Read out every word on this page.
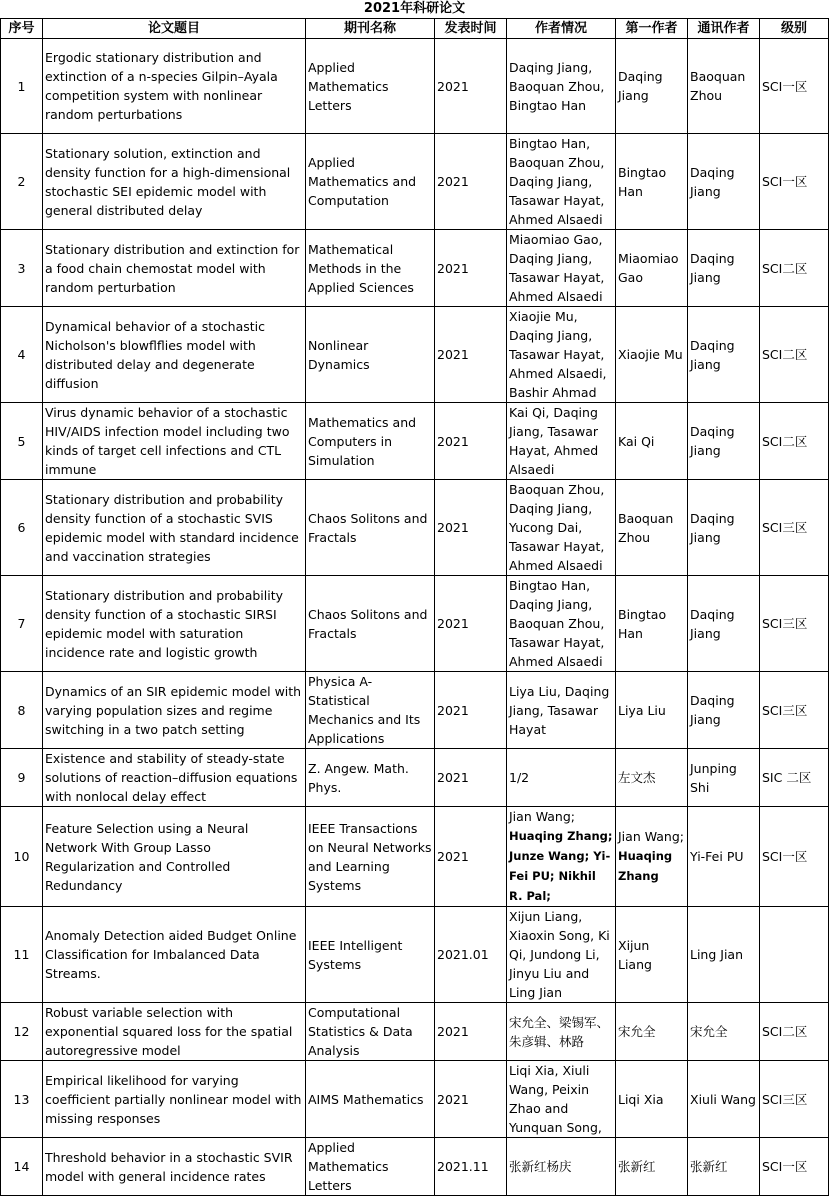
2021年科研论文
序号	论文题目	期刊名称	发表时间	作者情况	第一作者	通讯作者	级别
1	Ergodic stationary distribution and extinction of a n-species Gilpin–Ayala competition system with nonlinear random perturbations	Applied Mathematics Letters	2021	Daqing Jiang, Baoquan Zhou, Bingtao Han	Daqing Jiang	Baoquan Zhou	SCI一区
2	Stationary solution, extinction and density function for a high-dimensional stochastic SEI epidemic model with general distributed delay	Applied Mathematics and Computation	2021	Bingtao Han, Baoquan Zhou, Daqing Jiang, Tasawar Hayat, Ahmed Alsaedi	Bingtao Han	Daqing Jiang	SCI一区
3	Stationary distribution and extinction for a food chain chemostat model with random perturbation	Mathematical Methods in the Applied Sciences	2021	Miaomiao Gao, Daqing Jiang, Tasawar Hayat, Ahmed Alsaedi	Miaomiao Gao	Daqing Jiang	SCI二区
4	Dynamical behavior of a stochastic Nicholson's blowflflies model with distributed delay and degenerate diffusion	Nonlinear Dynamics	2021	Xiaojie Mu, Daqing Jiang, Tasawar Hayat, Ahmed Alsaedi, Bashir Ahmad	Xiaojie Mu	Daqing Jiang	SCI二区
5	Virus dynamic behavior of a stochastic HIV/AIDS infection model including two kinds of target cell infections and CTL immune	Mathematics and Computers in Simulation	2021	Kai Qi, Daqing Jiang, Tasawar Hayat, Ahmed Alsaedi	Kai Qi	Daqing Jiang	SCI二区
6	Stationary distribution and probability density function of a stochastic SVIS epidemic model with standard incidence and vaccination strategies	Chaos Solitons and Fractals	2021	Baoquan Zhou, Daqing Jiang, Yucong Dai, Tasawar Hayat, Ahmed Alsaedi	Baoquan Zhou	Daqing Jiang	SCI三区
7	Stationary distribution and probability density function of a stochastic SIRSI epidemic model with saturation incidence rate and logistic growth	Chaos Solitons and Fractals	2021	Bingtao Han, Daqing Jiang, Baoquan Zhou, Tasawar Hayat, Ahmed Alsaedi	Bingtao Han	Daqing Jiang	SCI三区
8	Dynamics of an SIR epidemic model with varying population sizes and regime switching in a two patch setting	Physica A-Statistical Mechanics and Its Applications	2021	Liya Liu, Daqing Jiang, Tasawar Hayat	Liya Liu	Daqing Jiang	SCI三区
9	Existence and stability of steady-state solutions of reaction–diffusion equations with nonlocal delay effect	Z. Angew. Math. Phys.	2021	1/2	左文杰	Junping Shi	SIC 二区
10	Feature Selection using a Neural Network With Group Lasso Regularization and Controlled Redundancy	IEEE Transactions on Neural Networks and Learning Systems	2021	Jian Wang; Huaqing Zhang; Junze Wang; Yi-Fei PU; Nikhil R. Pal;	Jian Wang; Huaqing Zhang	Yi-Fei PU	SCI一区
11	Anomaly Detection aided Budget Online Classification for Imbalanced Data Streams.	IEEE Intelligent Systems	2021.01	Xijun Liang, Xiaoxin Song, Ki Qi, Jundong Li, Jinyu Liu and Ling Jian	Xijun Liang	Ling Jian	
12	Robust variable selection with exponential squared loss for the spatial autoregressive model	Computational Statistics & Data Analysis	2021	宋允全、梁锡军、朱彦辑、林路	宋允全	宋允全	SCI二区
13	Empirical likelihood for varying coefficient partially nonlinear model with missing responses	AIMS Mathematics	2021	Liqi Xia, Xiuli Wang, Peixin Zhao and Yunquan Song,	Liqi Xia	Xiuli Wang	SCI三区
14	Threshold behavior in a stochastic SVIR model with general incidence rates	Applied Mathematics Letters	2021.11	张新红杨庆	张新红	张新红	SCI一区
